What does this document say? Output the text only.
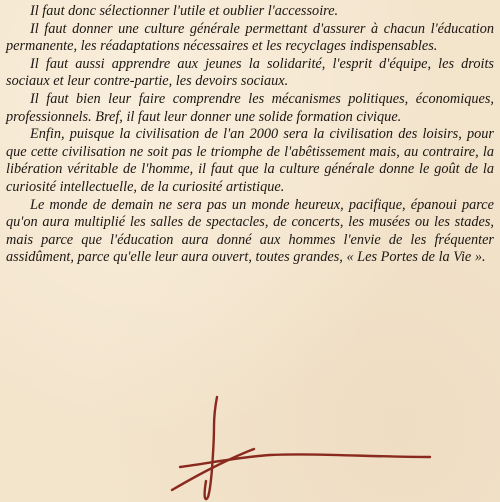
Il faut donc sélectionner l'utile et oublier l'accessoire.

Il faut donner une culture générale permettant d'assurer à chacun l'éducation permanente, les réadaptations nécessaires et les recyclages indispensables.

Il faut aussi apprendre aux jeunes la solidarité, l'esprit d'équipe, les droits sociaux et leur contre-partie, les devoirs sociaux.

Il faut bien leur faire comprendre les mécanismes politiques, économiques, professionnels. Bref, il faut leur donner une solide formation civique.

Enfin, puisque la civilisation de l'an 2000 sera la civilisation des loisirs, pour que cette civilisation ne soit pas le triomphe de l'abêtissement mais, au contraire, la libération véritable de l'homme, il faut que la culture générale donne le goût de la curiosité intellectuelle, de la curiosité artistique.

Le monde de demain ne sera pas un monde heureux, pacifique, épanoui parce qu'on aura multiplié les salles de spectacles, de concerts, les musées ou les stades, mais parce que l'éducation aura donné aux hommes l'envie de les fréquenter assidûment, parce qu'elle leur aura ouvert, toutes grandes, « Les Portes de la Vie ».
